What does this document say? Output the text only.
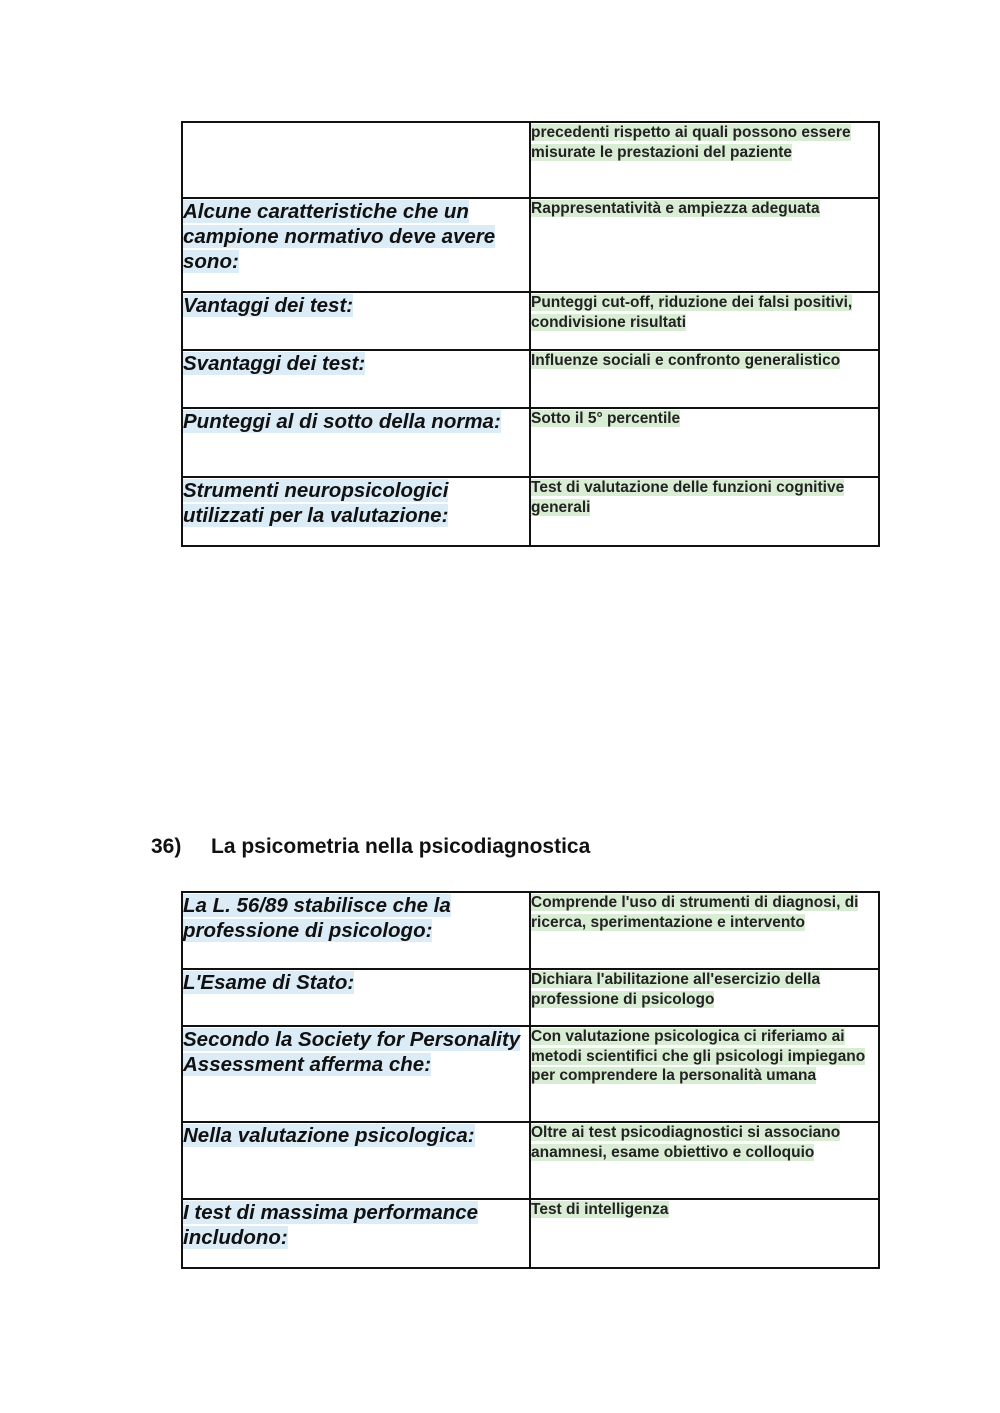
	precedenti rispetto ai quali possono essere misurate le prestazioni del paziente
Alcune caratteristiche che un campione normativo deve avere sono:	Rappresentatività e ampiezza adeguata
Vantaggi dei test:	Punteggi cut-off, riduzione dei falsi positivi, condivisione risultati
Svantaggi dei test:	Influenze sociali e confronto generalistico
Punteggi al di sotto della norma:	Sotto il 5° percentile
Strumenti neuropsicologici utilizzati per la valutazione:	Test di valutazione delle funzioni cognitive generali
36) La psicometria nella psicodiagnostica
La L. 56/89 stabilisce che la professione di psicologo:	Comprende l'uso di strumenti di diagnosi, di ricerca, sperimentazione e intervento
L'Esame di Stato:	Dichiara l'abilitazione all'esercizio della professione di psicologo
Secondo la Society for Personality Assessment afferma che:	Con valutazione psicologica ci riferiamo ai metodi scientifici che gli psicologi impiegano per comprendere la personalità umana
Nella valutazione psicologica:	Oltre ai test psicodiagnostici si associano anamnesi, esame obiettivo e colloquio
I test di massima performance includono:	Test di intelligenza
